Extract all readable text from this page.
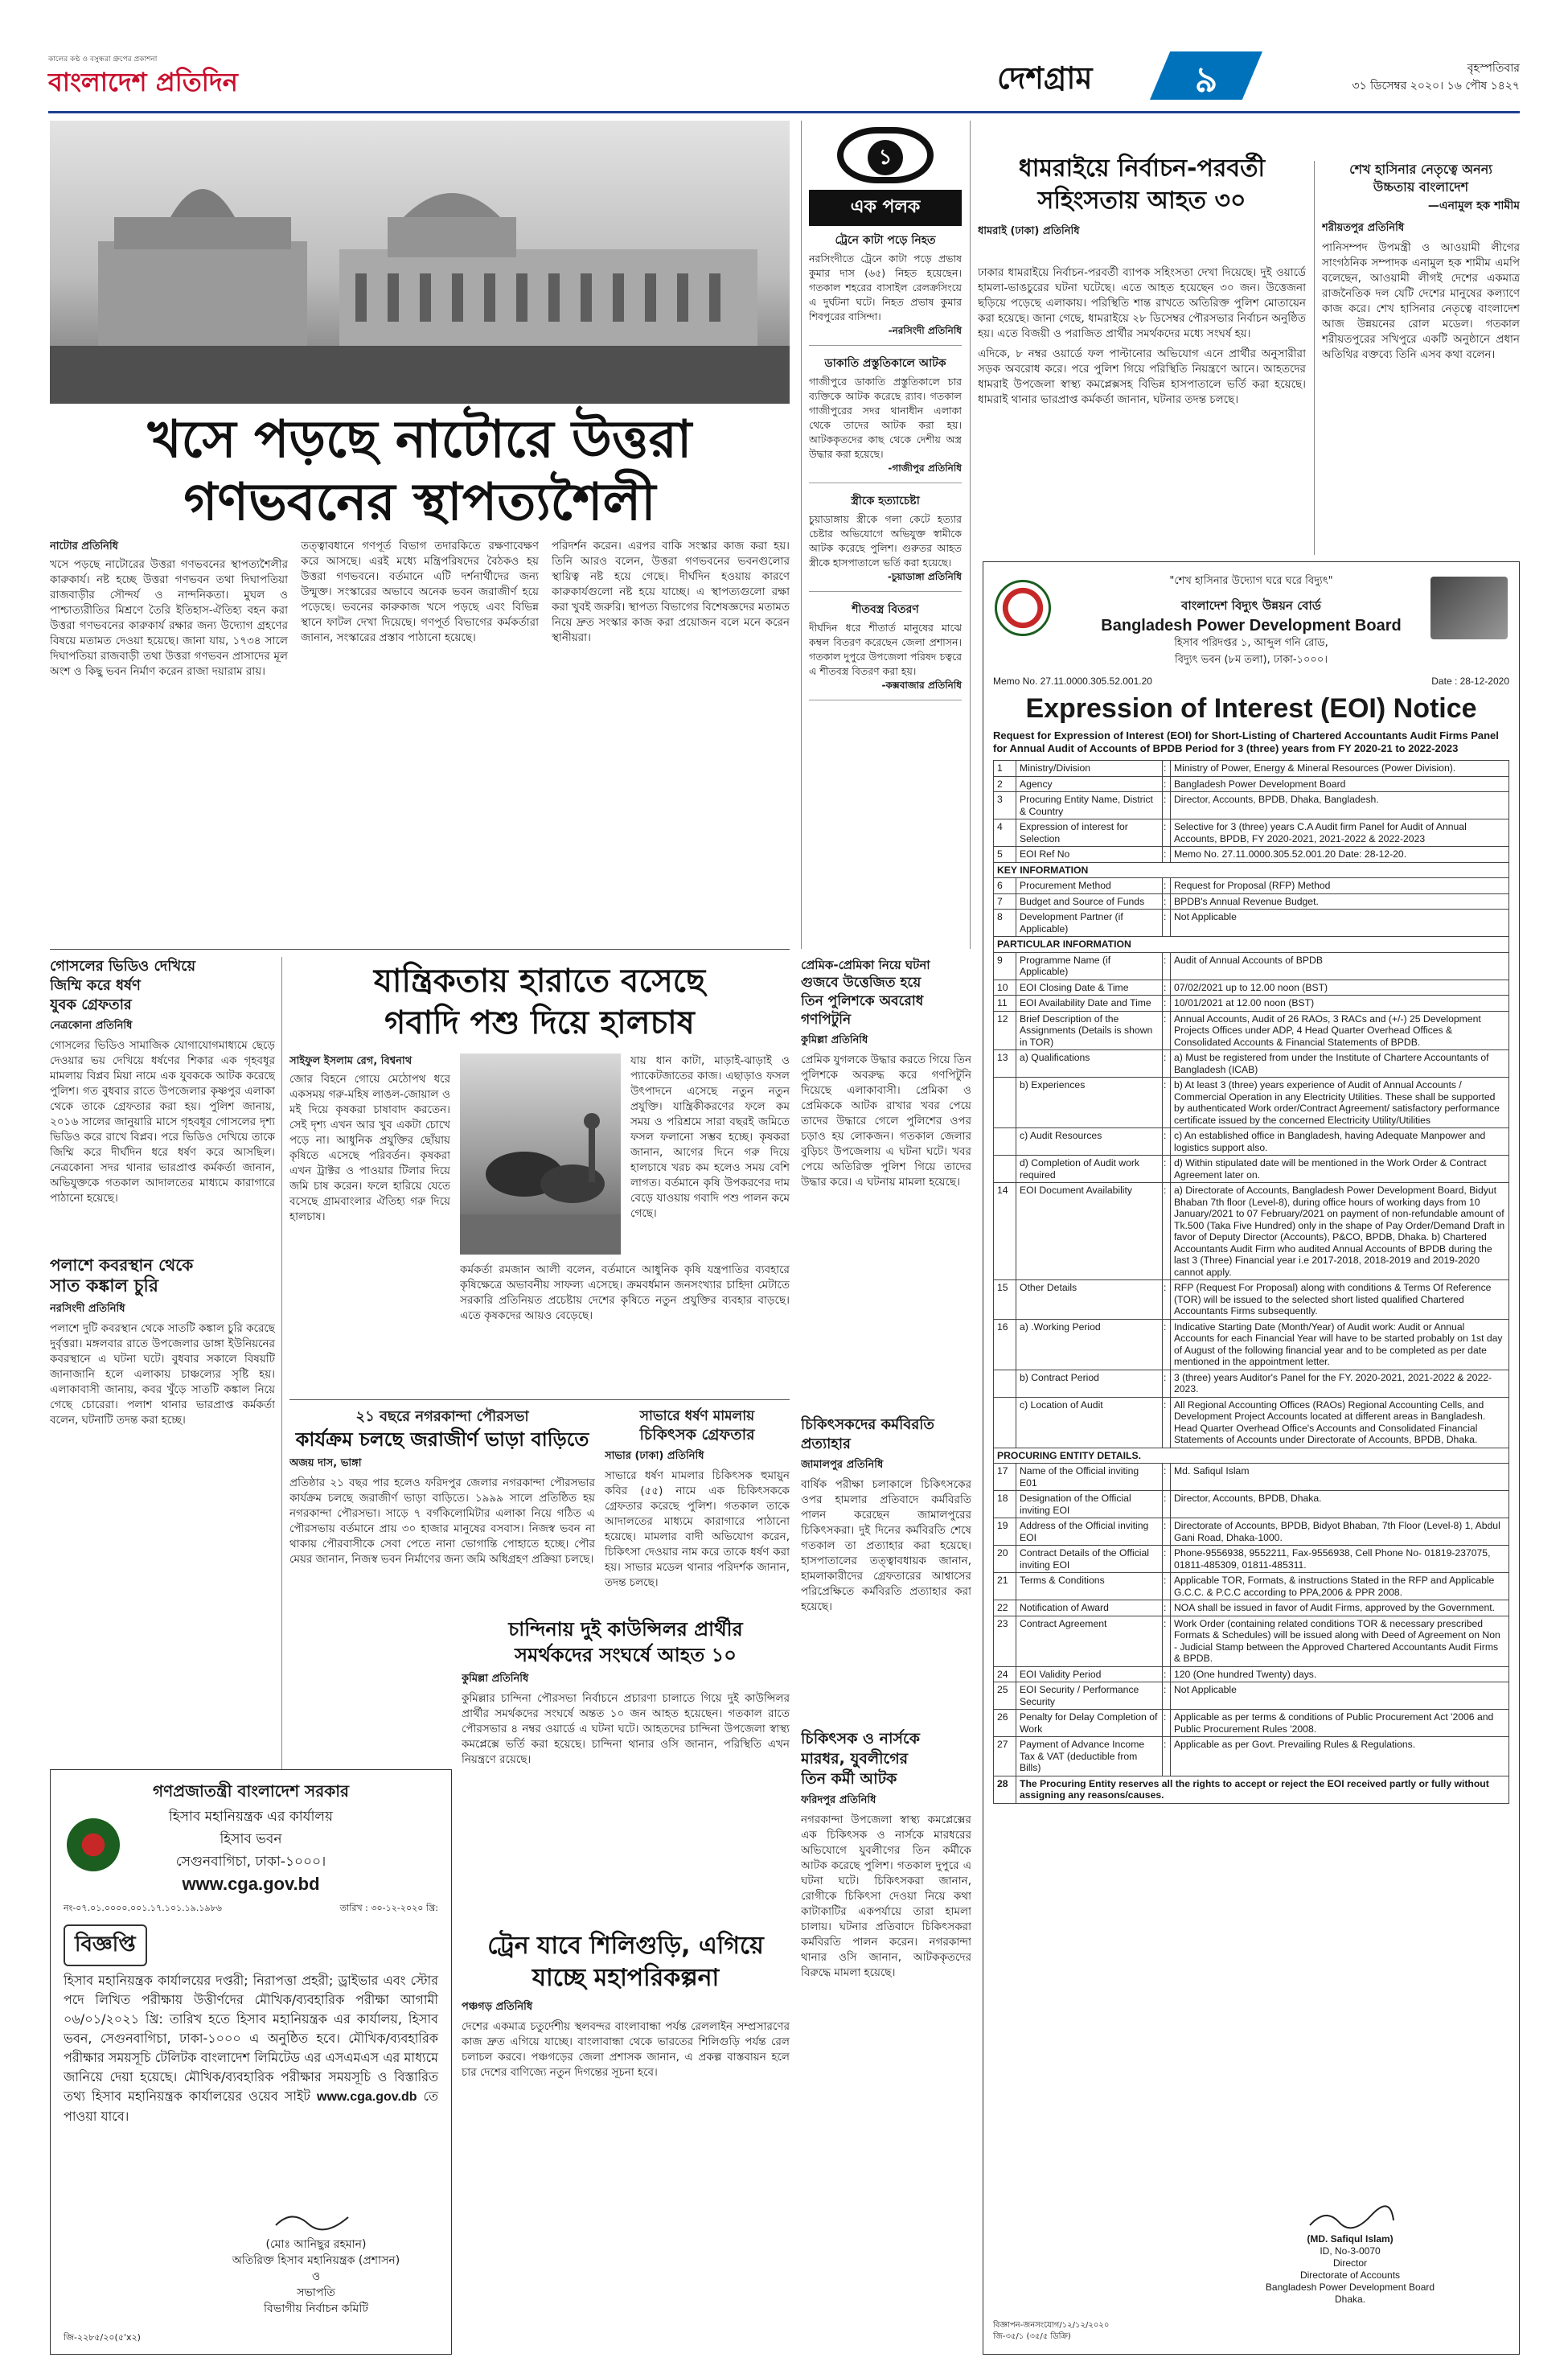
কালের কণ্ঠ ও বসুন্ধরা গ্রুপের প্রকাশনা
বাংলাদেশ প্রতিদিন	দেশগ্রাম	৯	বৃহস্পতিবার
৩১ ডিসেম্বর ২০২০। ১৬ পৌষ ১৪২৭
খসে পড়ছে নাটোরে উত্তরা
গণভবনের স্থাপত্যশৈলী
নাটোর প্রতিনিধি
খসে পড়ছে নাটোরের উত্তরা গণভবনের স্থাপত্যশৈলীর কারুকার্য। নষ্ট হচ্ছে উত্তরা গণভবন তথা দিঘাপতিয়া রাজবাড়ীর সৌন্দর্য ও নান্দনিকতা। মুঘল ও পাশ্চাত্যরীতির মিশ্রণে তৈরি ইতিহাস-ঐতিহ্য বহন করা উত্তরা গণভবনের কারুকার্য রক্ষার জন্য উদ্যোগ গ্রহণের বিষয়ে মতামত দেওয়া হয়েছে। জানা যায়, ১৭৩৪ সালে দিঘাপতিয়া রাজবাড়ী তথা উত্তরা গণভবন প্রাসাদের মূল অংশ ও কিছু ভবন নির্মাণ করেন রাজা দয়ারাম রায়।
তত্ত্বাবধানে গণপূর্ত বিভাগ তদারকিতে রক্ষণাবেক্ষণ করে আসছে। এরই মধ্যে মন্ত্রিপরিষদের বৈঠকও হয় উত্তরা গণভবনে। বর্তমানে এটি দর্শনার্থীদের জন্য উন্মুক্ত। সংস্কারের অভাবে অনেক ভবন জরাজীর্ণ হয়ে পড়েছে। ভবনের কারুকাজ খসে পড়ছে এবং বিভিন্ন স্থানে ফাটল দেখা দিয়েছে। গণপূর্ত বিভাগের কর্মকর্তারা জানান, সংস্কারের প্রস্তাব পাঠানো হয়েছে।
পরিদর্শন করেন। এরপর বাকি সংস্কার কাজ করা হয়। তিনি আরও বলেন, উত্তরা গণভবনের ভবনগুলোর স্থায়িত্ব নষ্ট হয়ে গেছে। দীর্ঘদিন হওয়ায় কারণে কারুকার্যগুলো নষ্ট হয়ে যাচ্ছে। এ স্থাপত্যগুলো রক্ষা করা খুবই জরুরি। স্থাপত্য বিভাগের বিশেষজ্ঞদের মতামত নিয়ে দ্রুত সংস্কার কাজ করা প্রয়োজন বলে মনে করেন স্থানীয়রা।
১
এক পলক
ট্রেনে কাটা পড়ে নিহত
নরসিংদীতে ট্রেনে কাটা পড়ে প্রভাষ কুমার দাস (৬৫) নিহত হয়েছেন। গতকাল শহরের বাসাইল রেলক্রসিংয়ে এ দুর্ঘটনা ঘটে। নিহত প্রভাষ কুমার শিবপুরের বাসিন্দা।
-নরসিংদী প্রতিনিধি
ডাকাতি প্রস্তুতিকালে আটক
গাজীপুরে ডাকাতি প্রস্তুতিকালে চার ব্যক্তিকে আটক করেছে র‌্যাব। গতকাল গাজীপুরের সদর থানাধীন এলাকা থেকে তাদের আটক করা হয়। আটককৃতদের কাছ থেকে দেশীয় অস্ত্র উদ্ধার করা হয়েছে।
-গাজীপুর প্রতিনিধি
স্ত্রীকে হত্যাচেষ্টা
চুয়াডাঙ্গায় স্ত্রীকে গলা কেটে হত্যার চেষ্টার অভিযোগে অভিযুক্ত স্বামীকে আটক করেছে পুলিশ। গুরুতর আহত স্ত্রীকে হাসপাতালে ভর্তি করা হয়েছে।
-চুয়াডাঙ্গা প্রতিনিধি
শীতবস্ত্র বিতরণ
দীর্ঘদিন ধরে শীতার্ত মানুষের মাঝে কম্বল বিতরণ করেছেন জেলা প্রশাসন। গতকাল দুপুরে উপজেলা পরিষদ চত্বরে এ শীতবস্ত্র বিতরণ করা হয়।
-কক্সবাজার প্রতিনিধি
ধামরাইয়ে নির্বাচন-পরবর্তী
সহিংসতায় আহত ৩০
ধামরাই (ঢাকা) প্রতিনিধি
ঢাকার ধামরাইয়ে নির্বাচন-পরবর্তী ব্যাপক সহিংসতা দেখা দিয়েছে। দুই ওয়ার্ডে হামলা-ভাঙচুরের ঘটনা ঘটেছে। এতে আহত হয়েছেন ৩০ জন। উত্তেজনা ছড়িয়ে পড়েছে এলাকায়। পরিস্থিতি শান্ত রাখতে অতিরিক্ত পুলিশ মোতায়েন করা হয়েছে। জানা গেছে, ধামরাইয়ে ২৮ ডিসেম্বর পৌরসভার নির্বাচন অনুষ্ঠিত হয়। এতে বিজয়ী ও পরাজিত প্রার্থীর সমর্থকদের মধ্যে সংঘর্ষ হয়।
এদিকে, ৮ নম্বর ওয়ার্ডে ফল পাল্টানোর অভিযোগ এনে প্রার্থীর অনুসারীরা সড়ক অবরোধ করে। পরে পুলিশ গিয়ে পরিস্থিতি নিয়ন্ত্রণে আনে। আহতদের ধামরাই উপজেলা স্বাস্থ্য কমপ্লেক্সসহ বিভিন্ন হাসপাতালে ভর্তি করা হয়েছে। ধামরাই থানার ভারপ্রাপ্ত কর্মকর্তা জানান, ঘটনার তদন্ত চলছে।
শেখ হাসিনার নেতৃত্বে অনন্য
উচ্চতায় বাংলাদেশ
—এনামুল হক শামীম
শরীয়তপুর প্রতিনিধি
পানিসম্পদ উপমন্ত্রী ও আওয়ামী লীগের সাংগঠনিক সম্পাদক এনামুল হক শামীম এমপি বলেছেন, আওয়ামী লীগই দেশের একমাত্র রাজনৈতিক দল যেটি দেশের মানুষের কল্যাণে কাজ করে। শেখ হাসিনার নেতৃত্বে বাংলাদেশ আজ উন্নয়নের রোল মডেল। গতকাল শরীয়তপুরের সখিপুরে একটি অনুষ্ঠানে প্রধান অতিথির বক্তব্যে তিনি এসব কথা বলেন।
"শেখ হাসিনার উদ্যোগ ঘরে ঘরে বিদ্যুৎ"
বাংলাদেশ বিদ্যুৎ উন্নয়ন বোর্ড
Bangladesh Power Development Board
হিসাব পরিদপ্তর ১, আব্দুল গনি রোড,
বিদ্যুৎ ভবন (৮ম তলা), ঢাকা-১০০০।
Memo No. 27.11.0000.305.52.001.20	Date : 28-12-2020
Expression of Interest (EOI) Notice
Request for Expression of Interest (EOI) for Short-Listing of Chartered Accountants Audit Firms Panel for Annual Audit of Accounts of BPDB Period for 3 (three) years from FY 2020-21 to 2022-2023
1	Ministry/Division	:	Ministry of Power, Energy & Mineral Resources (Power Division).
2	Agency	:	Bangladesh Power Development Board
3	Procuring Entity Name, District & Country	:	Director, Accounts, BPDB, Dhaka, Bangladesh.
4	Expression of interest for Selection	:	Selective for 3 (three) years C.A Audit firm Panel for Audit of Annual Accounts, BPDB, FY 2020-2021, 2021-2022 & 2022-2023
5	EOI Ref No	:	Memo No. 27.11.0000.305.52.001.20 Date: 28-12-20.
KEY INFORMATION			
6	Procurement Method	:	Request for Proposal (RFP) Method
7	Budget and Source of Funds	:	BPDB's Annual Revenue Budget.
8	Development Partner (if Applicable)	:	Not Applicable
PARTICULAR INFORMATION			
9	Programme Name (if Applicable)	:	Audit of Annual Accounts of BPDB
10	EOI Closing Date & Time	:	07/02/2021 up to 12.00 noon (BST)
11	EOI Availability Date and Time	:	10/01/2021 at 12.00 noon (BST)
12	Brief Description of the Assignments (Details is shown in TOR)	:	Annual Accounts, Audit of 26 RAOs, 3 RACs and (+/-) 25 Development Projects Offices under ADP, 4 Head Quarter Overhead Offices & Consolidated Accounts & Financial Statements of BPDB.
13	a) Qualifications	:	a) Must be registered from under the Institute of Chartere Accountants of Bangladesh (ICAB)
	b) Experiences	:	b) At least 3 (three) years experience of Audit of Annual Accounts / Commercial Operation in any Electricity Utilities. These shall be supported by authenticated Work order/Contract Agreement/ satisfactory performance certificate issued by the concerned Electricity Utility/Utilities
	c) Audit Resources	:	c) An established office in Bangladesh, having Adequate Manpower and logistics support also.
	d) Completion of Audit work required	:	d) Within stipulated date will be mentioned in the Work Order & Contract Agreement later on.
14	EOI Document Availability	:	a) Directorate of Accounts, Bangladesh Power Development Board, Bidyut Bhaban 7th floor (Level-8), during office hours of working days from 10 January/2021 to 07 February/2021 on payment of non-refundable amount of Tk.500 (Taka Five Hundred) only in the shape of Pay Order/Demand Draft in favor of Deputy Director (Accounts), P&CO, BPDB, Dhaka. b) Chartered Accountants Audit Firm who audited Annual Accounts of BPDB during the last 3 (Three) Financial year i.e 2017-2018, 2018-2019 and 2019-2020 cannot apply.
15	Other Details	:	RFP (Request For Proposal) along with conditions & Terms Of Reference (TOR) will be issued to the selected short listed qualified Chartered Accountants Firms subsequently.
16	a) .Working Period	:	Indicative Starting Date (Month/Year) of Audit work: Audit or Annual Accounts for each Financial Year will have to be started probably on 1st day of August of the following financial year and to be completed as per date mentioned in the appointment letter.
	b) Contract Period	:	3 (three) years Auditor's Panel for the FY. 2020-2021, 2021-2022 & 2022-2023.
	c) Location of Audit	:	All Regional Accounting Offices (RAOs) Regional Accounting Cells, and Development Project Accounts located at different areas in Bangladesh. Head Quarter Overhead Office's Accounts and Consolidated Financial Statements of Accounts under Directorate of Accounts, BPDB, Dhaka.
PROCURING ENTITY DETAILS.			
17	Name of the Official inviting E01	:	Md. Safiqul Islam
18	Designation of the Official inviting EOI	:	Director, Accounts, BPDB, Dhaka.
19	Address of the Official inviting EOI	:	Directorate of Accounts, BPDB, Bidyot Bhaban, 7th Floor (Level-8) 1, Abdul Gani Road, Dhaka-1000.
20	Contract Details of the Official inviting EOI	:	Phone-9556938, 9552211, Fax-9556938, Cell Phone No- 01819-237075, 01811-485309, 01811-485311.
21	Terms & Conditions	:	Applicable TOR, Formats, & instructions Stated in the RFP and Applicable G.C.C. & P.C.C according to PPA,2006 & PPR 2008.
22	Notification of Award	:	NOA shall be issued in favor of Audit Firms, approved by the Government.
23	Contract Agreement	:	Work Order (containing related conditions TOR & necessary prescribed Formats & Schedules) will be issued along with Deed of Agreement on Non - Judicial Stamp between the Approved Chartered Accountants Audit Firms & BPDB.
24	EOI Validity Period	:	120 (One hundred Twenty) days.
25	EOI Security / Performance Security	:	Not Applicable
26	Penalty for Delay Completion of Work	:	Applicable as per terms & conditions of Public Procurement Act '2006 and Public Procurement Rules '2008.
27	Payment of Advance Income Tax & VAT (deductible from Bills)	:	Applicable as per Govt. Prevailing Rules & Regulations.
28	The Procuring Entity reserves all the rights to accept or reject the EOI received partly or fully without assigning any reasons/causes.
(MD. Safiqul Islam)
ID, No-3-0070
Director
Directorate of Accounts
Bangladesh Power Development Board
Dhaka.
বিজ্ঞাপন-জনসংযোগ/১২/১২/২০২০
জি-৩৫/১ (৩৫/৫ ডিক্রি)
গোসলের ভিডিও দেখিয়ে
জিম্মি করে ধর্ষণ
যুবক গ্রেফতার
নেত্রকোনা প্রতিনিধি
গোসলের ভিডিও সামাজিক যোগাযোগমাধ্যমে ছেড়ে দেওয়ার ভয় দেখিয়ে ধর্ষণের শিকার এক গৃহবধূর মামলায় বিপ্লব মিয়া নামে এক যুবককে আটক করেছে পুলিশ। গত বুধবার রাতে উপজেলার কৃষ্ণপুর এলাকা থেকে তাকে গ্রেফতার করা হয়। পুলিশ জানায়, ২০১৬ সালের জানুয়ারি মাসে গৃহবধূর গোসলের দৃশ্য ভিডিও করে রাখে বিপ্লব। পরে ভিডিও দেখিয়ে তাকে জিম্মি করে দীর্ঘদিন ধরে ধর্ষণ করে আসছিল। নেত্রকোনা সদর থানার ভারপ্রাপ্ত কর্মকর্তা জানান, অভিযুক্তকে গতকাল আদালতের মাধ্যমে কারাগারে পাঠানো হয়েছে।
যান্ত্রিকতায় হারাতে বসেছে
গবাদি পশু দিয়ে হালচাষ
সাইফুল ইসলাম রেগ, বিশ্বনাথ
জোর বিহনে গোয়ে মেঠোপথ ধরে একসময় গরু-মহিষ লাঙল-জোয়াল ও মই দিয়ে কৃষকরা চাষাবাদ করতেন। সেই দৃশ্য এখন আর খুব একটা চোখে পড়ে না। আধুনিক প্রযুক্তির ছোঁয়ায় কৃষিতে এসেছে পরিবর্তন। কৃষকরা এখন ট্রাক্টর ও পাওয়ার টিলার দিয়ে জমি চাষ করেন। ফলে হারিয়ে যেতে বসেছে গ্রামবাংলার ঐতিহ্য গরু দিয়ে হালচাষ।
যায় ধান কাটা, মাড়াই-ঝাড়াই ও প্যাকেটজাতের কাজ। এছাড়াও ফসল উৎপাদনে এসেছে নতুন নতুন প্রযুক্তি। যান্ত্রিকীকরণের ফলে কম সময় ও পরিশ্রমে সারা বছরই জমিতে ফসল ফলানো সম্ভব হচ্ছে। কৃষকরা জানান, আগের দিনে গরু দিয়ে হালচাষে খরচ কম হলেও সময় বেশি লাগত। বর্তমানে কৃষি উপকরণের দাম বেড়ে যাওয়ায় গবাদি পশু পালন কমে গেছে।
কর্মকর্তা রমজান আলী বলেন, বর্তমানে আধুনিক কৃষি যন্ত্রপাতির ব্যবহারে কৃষিক্ষেত্রে অভাবনীয় সাফল্য এসেছে। ক্রমবর্ধমান জনসংখ্যার চাহিদা মেটাতে সরকারি প্রতিনিয়ত প্রচেষ্টায় দেশের কৃষিতে নতুন প্রযুক্তির ব্যবহার বাড়ছে। এতে কৃষকদের আয়ও বেড়েছে।
প্রেমিক-প্রেমিকা নিয়ে ঘটনা
গুজবে উত্তেজিত হয়ে
তিন পুলিশকে অবরোধ
গণপিটুনি
কুমিল্লা প্রতিনিধি
প্রেমিক যুগলকে উদ্ধার করতে গিয়ে তিন পুলিশকে অবরুদ্ধ করে গণপিটুনি দিয়েছে এলাকাবাসী। প্রেমিকা ও প্রেমিককে আটক রাখার খবর পেয়ে তাদের উদ্ধারে গেলে পুলিশের ওপর চড়াও হয় লোকজন। গতকাল জেলার বুড়িচং উপজেলায় এ ঘটনা ঘটে। খবর পেয়ে অতিরিক্ত পুলিশ গিয়ে তাদের উদ্ধার করে। এ ঘটনায় মামলা হয়েছে।
পলাশে কবরস্থান থেকে
সাত কঙ্কাল চুরি
নরসিংদী প্রতিনিধি
পলাশে দুটি কবরস্থান থেকে সাতটি কঙ্কাল চুরি করেছে দুর্বৃত্তরা। মঙ্গলবার রাতে উপজেলার ডাঙ্গা ইউনিয়নের কবরস্থানে এ ঘটনা ঘটে। বুধবার সকালে বিষয়টি জানাজানি হলে এলাকায় চাঞ্চল্যের সৃষ্টি হয়। এলাকাবাসী জানায়, কবর খুঁড়ে সাতটি কঙ্কাল নিয়ে গেছে চোরেরা। পলাশ থানার ভারপ্রাপ্ত কর্মকর্তা বলেন, ঘটনাটি তদন্ত করা হচ্ছে।	২১ বছরে নগরকান্দা পৌরসভা
কার্যক্রম চলছে জরাজীর্ণ ভাড়া বাড়িতে
অজয় দাস, ভাঙ্গা
প্রতিষ্ঠার ২১ বছর পার হলেও ফরিদপুর জেলার নগরকান্দা পৌরসভার কার্যক্রম চলছে জরাজীর্ণ ভাড়া বাড়িতে। ১৯৯৯ সালে প্রতিষ্ঠিত হয় নগরকান্দা পৌরসভা। সাড়ে ৭ বর্গকিলোমিটার এলাকা নিয়ে গঠিত এ পৌরসভায় বর্তমানে প্রায় ৩০ হাজার মানুষের বসবাস। নিজস্ব ভবন না থাকায় পৌরবাসীকে সেবা পেতে নানা ভোগান্তি পোহাতে হচ্ছে। পৌর মেয়র জানান, নিজস্ব ভবন নির্মাণের জন্য জমি অধিগ্রহণ প্রক্রিয়া চলছে।
সাভারে ধর্ষণ মামলায়
চিকিৎসক গ্রেফতার
সাভার (ঢাকা) প্রতিনিধি
সাভারে ধর্ষণ মামলার চিকিৎসক হুমায়ুন কবির (৫৫) নামে এক চিকিৎসককে গ্রেফতার করেছে পুলিশ। গতকাল তাকে আদালতের মাধ্যমে কারাগারে পাঠানো হয়েছে। মামলার বাদী অভিযোগ করেন, চিকিৎসা দেওয়ার নাম করে তাকে ধর্ষণ করা হয়। সাভার মডেল থানার পরিদর্শক জানান, তদন্ত চলছে।
চিকিৎসকদের কর্মবিরতি
প্রত্যাহার
জামালপুর প্রতিনিধি
বার্ষিক পরীক্ষা চলাকালে চিকিৎসকের ওপর হামলার প্রতিবাদে কর্মবিরতি পালন করেছেন জামালপুরের চিকিৎসকরা। দুই দিনের কর্মবিরতি শেষে গতকাল তা প্রত্যাহার করা হয়েছে। হাসপাতালের তত্ত্বাবধায়ক জানান, হামলাকারীদের গ্রেফতারের আশ্বাসের পরিপ্রেক্ষিতে কর্মবিরতি প্রত্যাহার করা হয়েছে।
গণপ্রজাতন্ত্রী বাংলাদেশ সরকার
হিসাব মহানিয়ন্ত্রক এর কার্যালয়
হিসাব ভবন
সেগুনবাগিচা, ঢাকা-১০০০।
www.cga.gov.bd
নং-০৭.০১.০০০০.০০১.১৭.১০১.১৯.১৯৮৬	তারিখ : ৩০-১২-২০২০ খ্রি:
বিজ্ঞপ্তি
হিসাব মহানিয়ন্ত্রক কার্যালয়ের দপ্তরী; নিরাপত্তা প্রহরী; ড্রাইভার এবং স্টোর পদে লিখিত পরীক্ষায় উত্তীর্ণদের মৌখিক/ব্যবহারিক পরীক্ষা আগামী ০৬/০১/২০২১ খ্রি: তারিখ হতে হিসাব মহানিয়ন্ত্রক এর কার্যালয়, হিসাব ভবন, সেগুনবাগিচা, ঢাকা-১০০০ এ অনুষ্ঠিত হবে। মৌখিক/ব্যবহারিক পরীক্ষার সময়সূচি টেলিটক বাংলাদেশ লিমিটেড এর এসএমএস এর মাধ্যমে জানিয়ে দেয়া হয়েছে। মৌখিক/ব্যবহারিক পরীক্ষার সময়সূচি ও বিস্তারিত তথ্য হিসাব মহানিয়ন্ত্রক কার্যালয়ের ওয়েব সাইট www.cga.gov.db তে পাওয়া যাবে।
(মোঃ আনিছুর রহমান)
অতিরিক্ত হিসাব মহানিয়ন্ত্রক (প্রশাসন)
ও
সভাপতি
বিভাগীয় নির্বাচন কমিটি
জি-২২৮৫/২০(৫'x২)
চান্দিনায় দুই কাউন্সিলর প্রার্থীর
সমর্থকদের সংঘর্ষে আহত ১০
কুমিল্লা প্রতিনিধি
কুমিল্লার চান্দিনা পৌরসভা নির্বাচনে প্রচারণা চালাতে গিয়ে দুই কাউন্সিলর প্রার্থীর সমর্থকদের সংঘর্ষে অন্তত ১০ জন আহত হয়েছেন। গতকাল রাতে পৌরসভার ৪ নম্বর ওয়ার্ডে এ ঘটনা ঘটে। আহতদের চান্দিনা উপজেলা স্বাস্থ্য কমপ্লেক্সে ভর্তি করা হয়েছে। চান্দিনা থানার ওসি জানান, পরিস্থিতি এখন নিয়ন্ত্রণে রয়েছে।
ট্রেন যাবে শিলিগুড়ি, এগিয়ে
যাচ্ছে মহাপরিকল্পনা
পঞ্চগড় প্রতিনিধি
দেশের একমাত্র চতুর্দেশীয় স্থলবন্দর বাংলাবান্ধা পর্যন্ত রেললাইন সম্প্রসারণের কাজ দ্রুত এগিয়ে যাচ্ছে। বাংলাবান্ধা থেকে ভারতের শিলিগুড়ি পর্যন্ত রেল চলাচল করবে। পঞ্চগড়ের জেলা প্রশাসক জানান, এ প্রকল্প বাস্তবায়ন হলে চার দেশের বাণিজ্যে নতুন দিগন্তের সূচনা হবে।
চিকিৎসক ও নার্সকে
মারধর, যুবলীগের
তিন কর্মী আটক
ফরিদপুর প্রতিনিধি
নগরকান্দা উপজেলা স্বাস্থ্য কমপ্লেক্সের এক চিকিৎসক ও নার্সকে মারধরের অভিযোগে যুবলীগের তিন কর্মীকে আটক করেছে পুলিশ। গতকাল দুপুরে এ ঘটনা ঘটে। চিকিৎসকরা জানান, রোগীকে চিকিৎসা দেওয়া নিয়ে কথা কাটাকাটির একপর্যায়ে তারা হামলা চালায়। ঘটনার প্রতিবাদে চিকিৎসকরা কর্মবিরতি পালন করেন। নগরকান্দা থানার ওসি জানান, আটককৃতদের বিরুদ্ধে মামলা হয়েছে।
